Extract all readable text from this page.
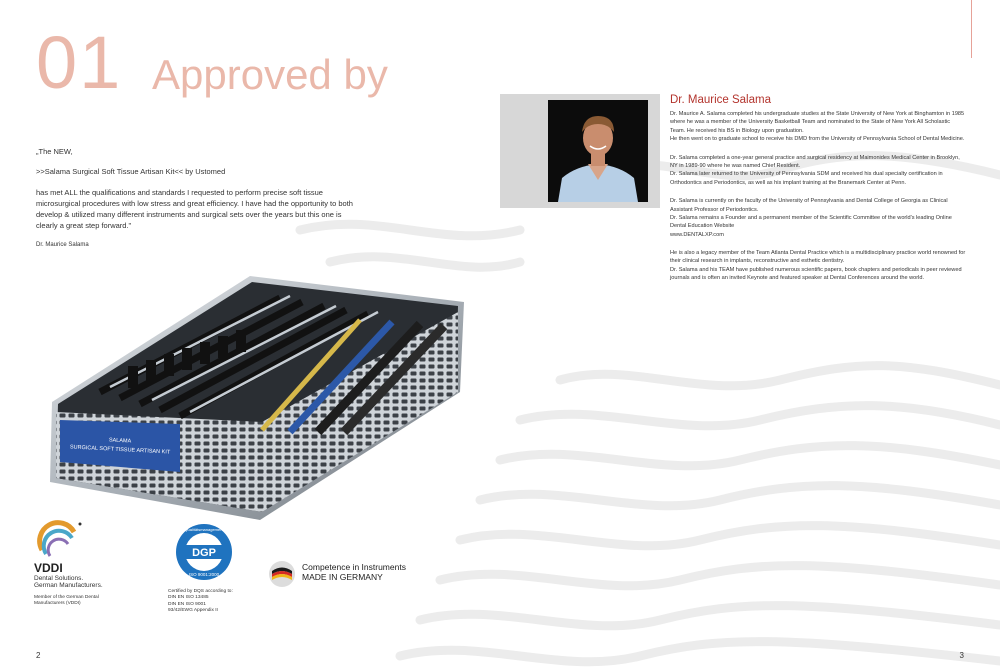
01 Approved by

„The NEW,

>>Salama Surgical Soft Tissue Artisan Kit<< by Ustomed

has met ALL the qualifications and standards I requested to perform precise soft tissue microsurgical procedures with low stress and great efficiency. I have had the opportunity to both develop & utilized many different instruments and surgical sets over the years but this one is clearly a great step forward."

Dr. Maurice Salama

SALAMA
SURGICAL SOFT TISSUE ARTISAN KIT
VDDI
Dental Solutions.
German Manufacturers.
Member of the German Dental
Manufacturers (VDDI)
DGP
Qualitätsmanagement
ISO 9001:2000
Certified by DQS according to:
DIN EN ISO 13485
DIN EN ISO 9001
93/42/EWG Appendix II
Competence in Instruments
MADE IN GERMANY
Dr. Maurice Salama

Dr. Maurice A. Salama completed his undergraduate studies at the State University of New York at Binghamton in 1985 where he was a member of the University Basketball Team and nominated to the State of New York All Scholastic Team. He received his BS in Biology upon graduation.

He then went on to graduate school to receive his DMD from the University of Pennsylvania School of Dental Medicine.

Dr. Salama completed a one-year general practice and surgical residency at Maimonides Medical Center in Brooklyn, NY in 1989-90 where he was named Chief Resident.

Dr. Salama later returned to the University of Pennsylvania SDM and received his dual specialty certification in Orthodontics and Periodontics, as well as his implant training at the Branemark Center at Penn.

Dr. Salama is currently on the faculty of the University of Pennsylvania and Dental College of Georgia as Clinical Assistant Professor of Periodontics.

Dr. Salama remains a Founder and a permanent member of the Scientific Committee of the world's leading Online Dental Education Website

www.DENTALXP.com

He is also a legacy member of the Team Atlanta Dental Practice which is a multidisciplinary practice world renowned for their clinical research in implants, reconstructive and esthetic dentistry.

Dr. Salama and his TEAM have published numerous scientific papers, book chapters and periodicals in peer reviewed journals and is often an invited Keynote and featured speaker at Dental Conferences around the world.

2	3
